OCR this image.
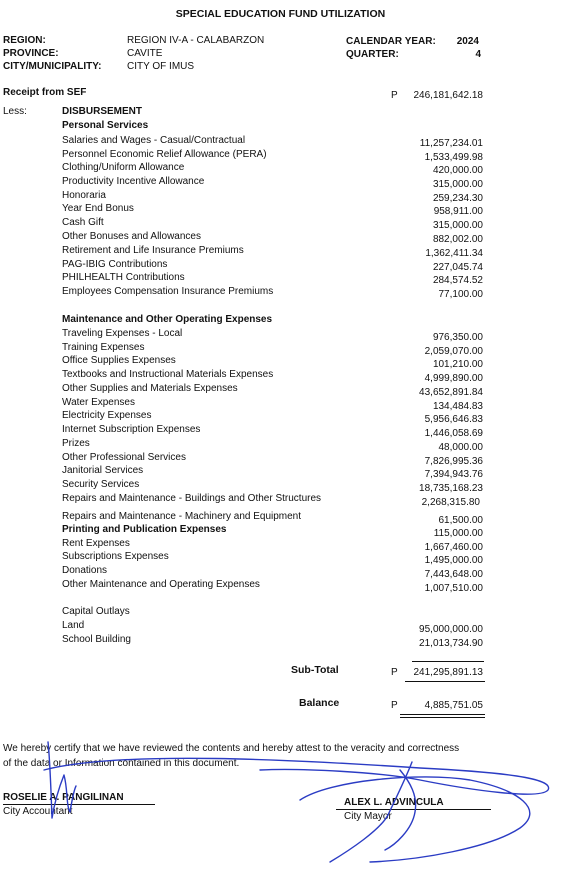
SPECIAL EDUCATION FUND UTILIZATION
REGION:	REGION IV-A - CALABARZON
PROVINCE:	CAVITE
CITY/MUNICIPALITY:	CITY OF IMUS
CALENDAR YEAR: 2024
QUARTER:	4
Receipt from SEF	P 246,181,642.18
Less:	DISBURSEMENT
Personal Services
Salaries and Wages - Casual/Contractual	11,257,234.01
Personnel Economic Relief Allowance (PERA)	1,533,499.98
Clothing/Uniform Allowance	420,000.00
Productivity Incentive Allowance	315,000.00
Honoraria	259,234.30
Year End Bonus	958,911.00
Cash Gift	315,000.00
Other Bonuses and Allowances	882,002.00
Retirement and Life Insurance Premiums	1,362,411.34
PAG-IBIG Contributions	227,045.74
PHILHEALTH Contributions	284,574.52
Employees Compensation Insurance Premiums	77,100.00
Maintenance and Other Operating Expenses
Traveling Expenses - Local	976,350.00
Training Expenses	2,059,070.00
Office Supplies Expenses	101,210.00
Textbooks and Instructional Materials Expenses	4,999,890.00
Other Supplies and Materials Expenses	43,652,891.84
Water Expenses	134,484.83
Electricity Expenses	5,956,646.83
Internet Subscription Expenses	1,446,058.69
Prizes	48,000.00
Other Professional Services	7,826,995.36
Janitorial Services	7,394,943.76
Security Services	18,735,168.23
Repairs and Maintenance - Buildings and Other Structures	2,268,315.80
Repairs and Maintenance - Machinery and Equipment	61,500.00
Printing and Publication Expenses	115,000.00
Rent Expenses	1,667,460.00
Subscriptions Expenses	1,495,000.00
Donations	7,443,648.00
Other Maintenance and Operating Expenses	1,007,510.00
Capital Outlays
Land	95,000,000.00
School Building	21,013,734.90
Sub-Total	P 241,295,891.13
Balance	P	4,885,751.05
We hereby certify that we have reviewed the contents and hereby attest to the veracity and correctness
of the data or Information contained in this document.
ROSELIE A. PANGILINAN
City Accountant
ALEX L. ADVINCULA
City Mayor
